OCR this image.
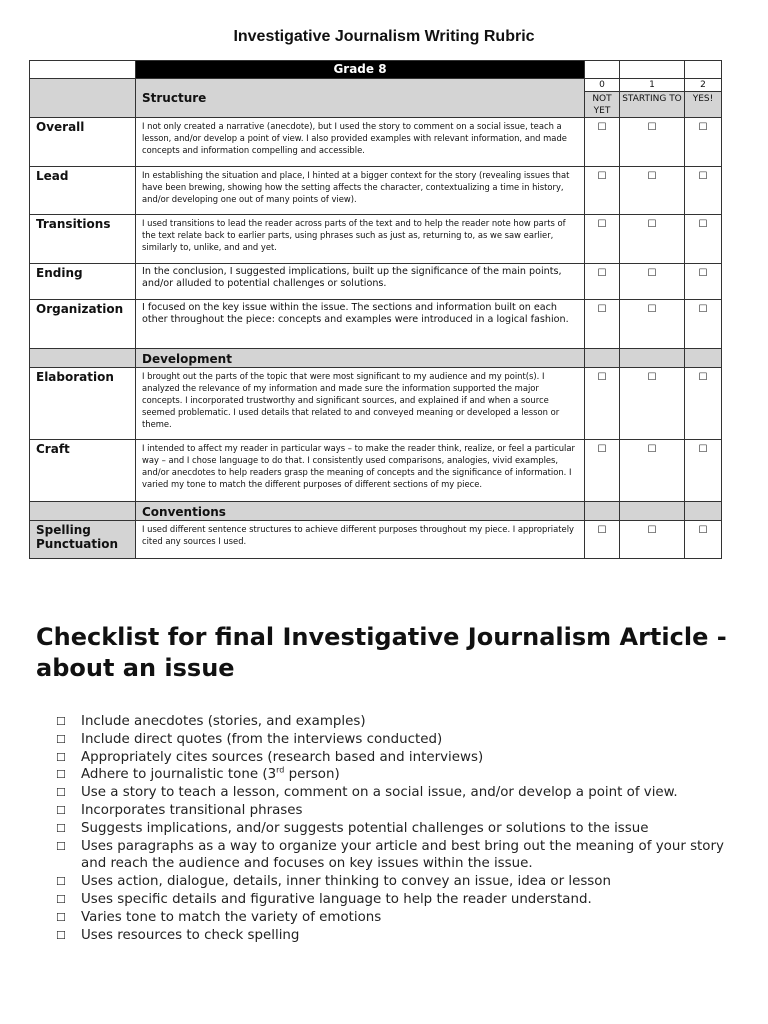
Investigative Journalism Writing Rubric
	Grade 8			

	Structure	0	1	2
		NOT YET	STARTING TO	YES!
Overall	I not only created a narrative (anecdote), but I used the story to comment on a social issue, teach a lesson, and/or develop a point of view. I also provided examples with relevant information, and made concepts and information compelling and accessible.	☐	☐	☐
Lead	In establishing the situation and place, I hinted at a bigger context for the story (revealing issues that have been brewing, showing how the setting affects the character, contextualizing a time in history, and/or developing one out of many points of view).	☐	☐	☐
Transitions	I used transitions to lead the reader across parts of the text and to help the reader note how parts of the text relate back to earlier parts, using phrases such as just as, returning to, as we saw earlier, similarly to, unlike, and and yet.	☐	☐	☐
Ending	In the conclusion, I suggested implications, built up the significance of the main points, and/or alluded to potential challenges or solutions.	☐	☐	☐
Organization	I focused on the key issue within the issue. The sections and information built on each other throughout the piece: concepts and examples were introduced in a logical fashion.	☐	☐	☐
	Development			
Elaboration	I brought out the parts of the topic that were most significant to my audience and my point(s). I analyzed the relevance of my information and made sure the information supported the major concepts. I incorporated trustworthy and significant sources, and explained if and when a source seemed problematic. I used details that related to and conveyed meaning or developed a lesson or theme.	☐	☐	☐
Craft	I intended to affect my reader in particular ways – to make the reader think, realize, or feel a particular way – and I chose language to do that. I consistently used comparisons, analogies, vivid examples, and/or anecdotes to help readers grasp the meaning of concepts and the significance of information. I varied my tone to match the different purposes of different sections of my piece.	☐	☐	☐
	Conventions			
Spelling Punctuation	I used different sentence structures to achieve different purposes throughout my piece. I appropriately cited any sources I used.	☐	☐	☐
Checklist for final Investigative Journalism Article - about an issue
☐ Include anecdotes (stories, and examples)
☐ Include direct quotes (from the interviews conducted)
☐ Appropriately cites sources (research based and interviews)
☐ Adhere to journalistic tone (3rd person)
☐ Use a story to teach a lesson, comment on a social issue, and/or develop a point of view.
☐ Incorporates transitional phrases
☐ Suggests implications, and/or suggests potential challenges or solutions to the issue
☐ Uses paragraphs as a way to organize your article and best bring out the meaning of your story and reach the audience and focuses on key issues within the issue.
☐ Uses action, dialogue, details, inner thinking to convey an issue, idea or lesson
☐ Uses specific details and figurative language to help the reader understand.
☐ Varies tone to match the variety of emotions
☐ Uses resources to check spelling
